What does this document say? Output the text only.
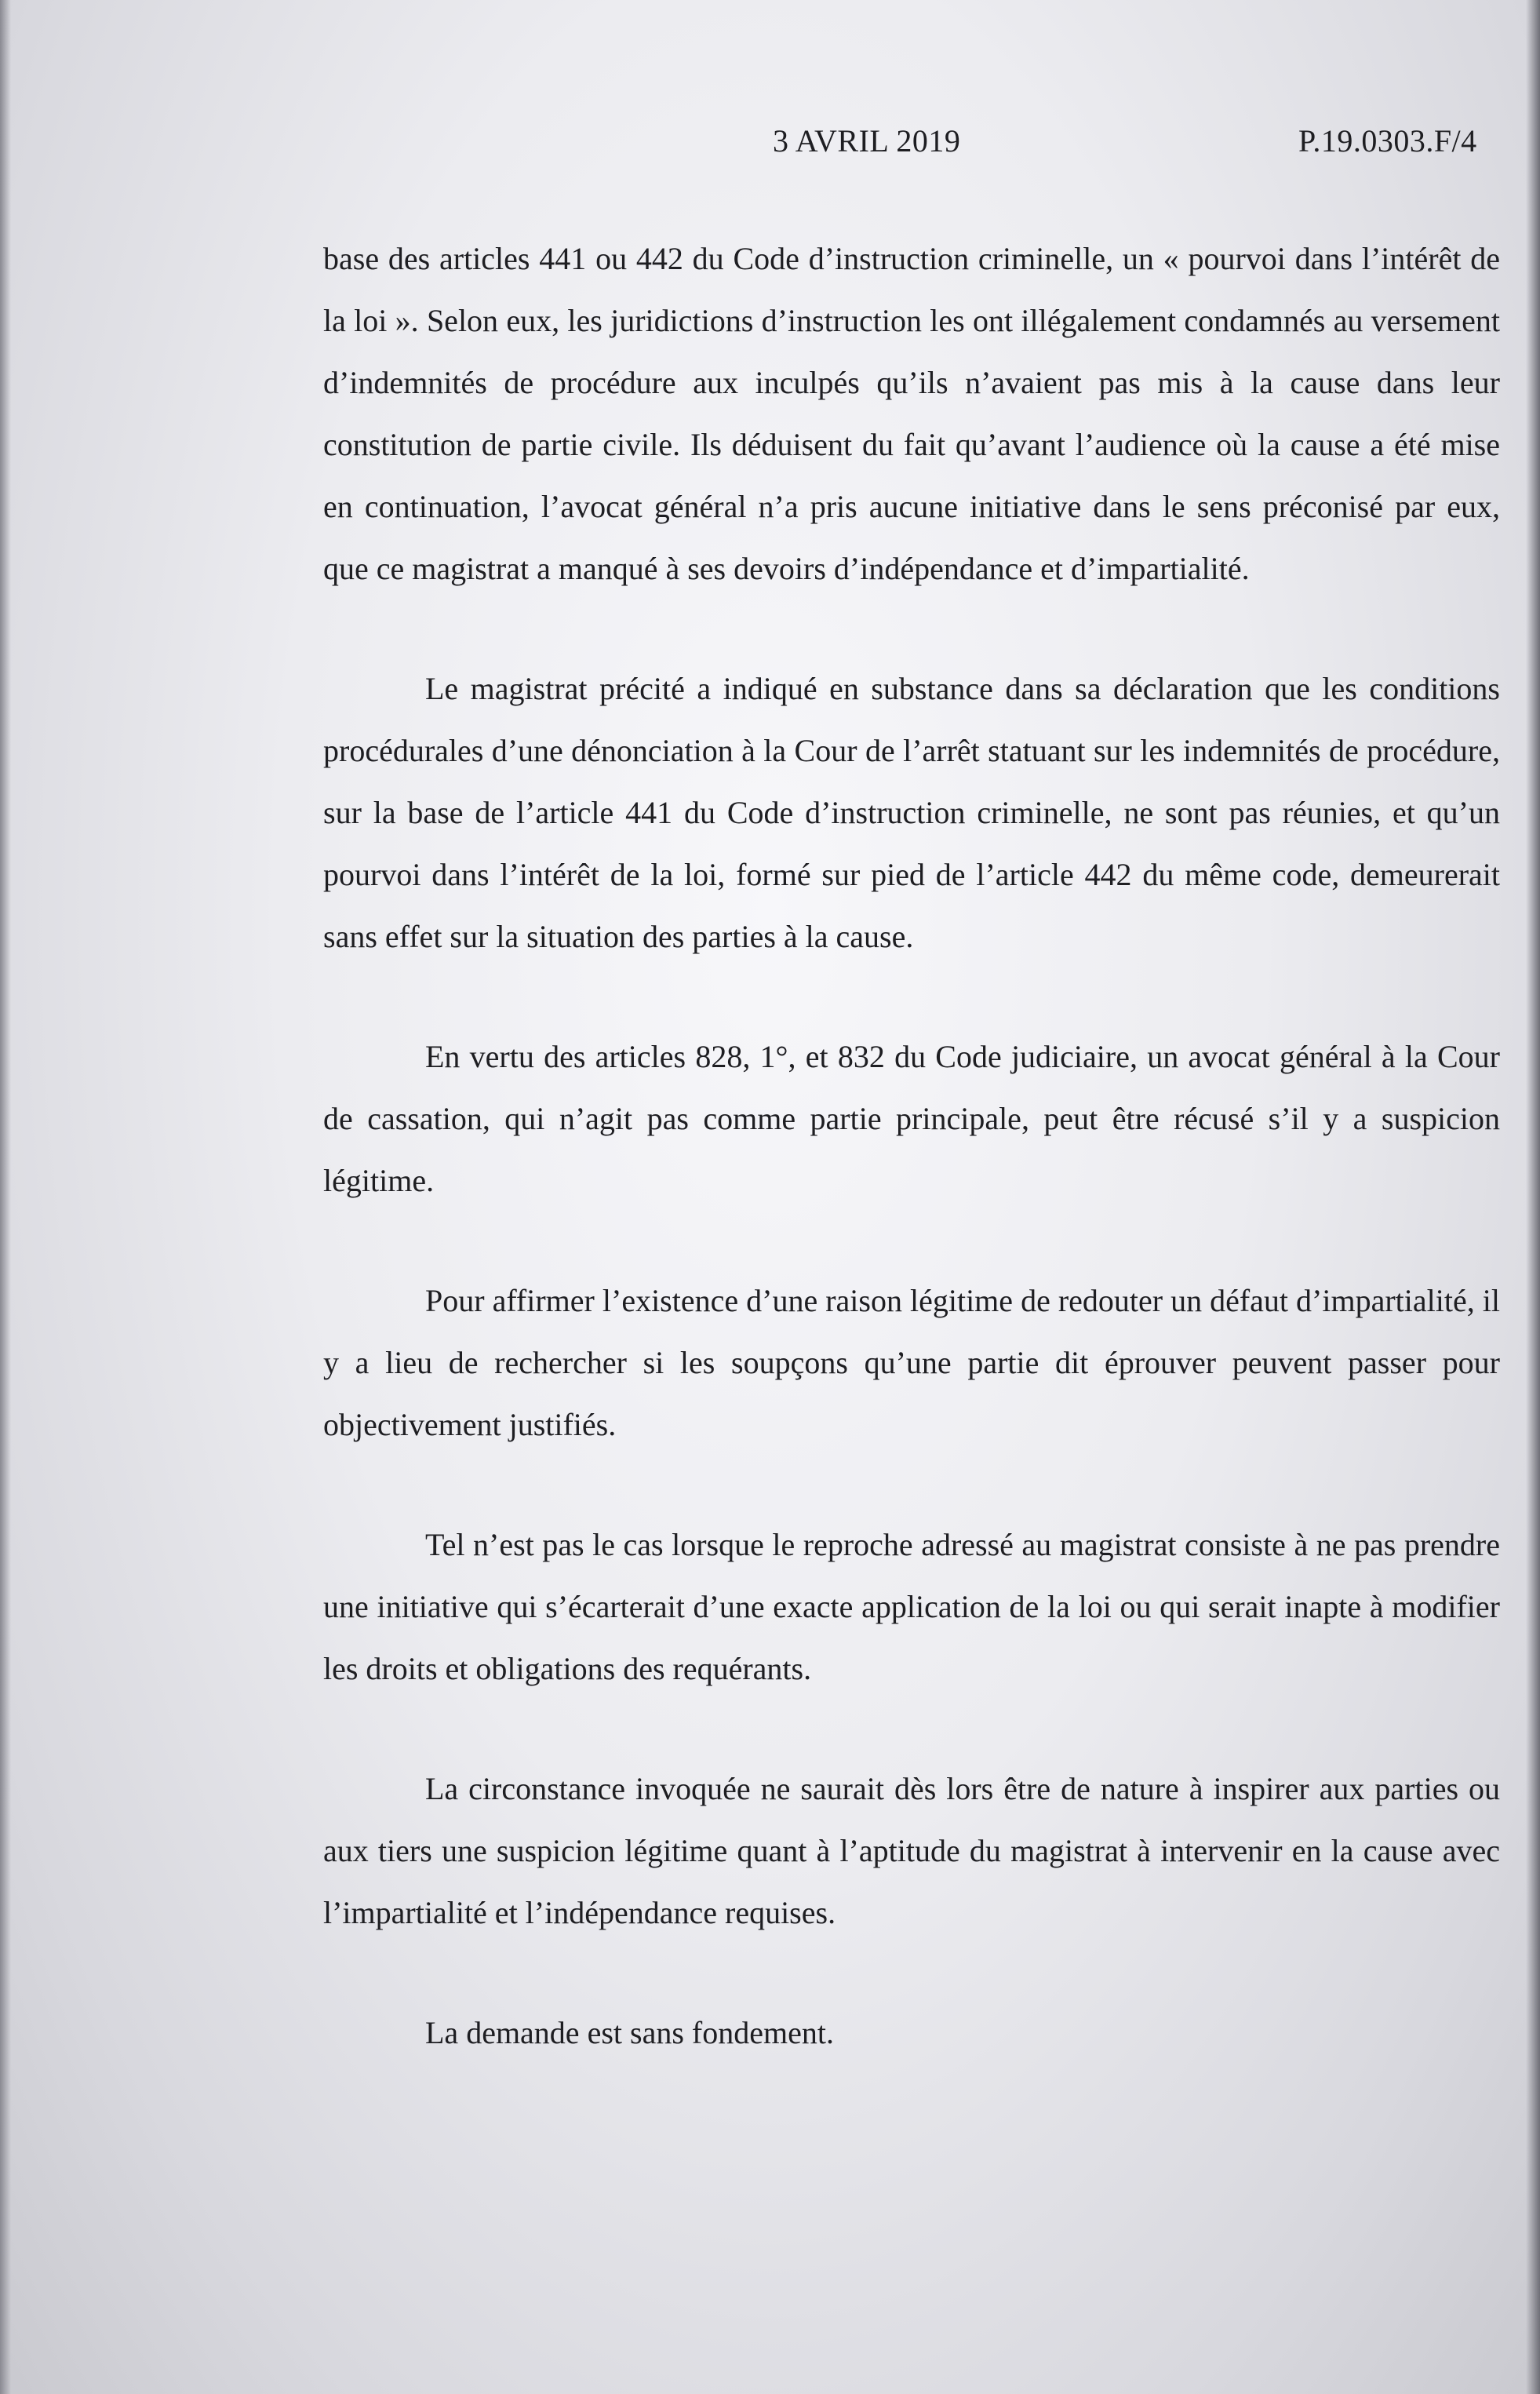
3 AVRIL 2019	P.19.0303.F/4

base des articles 441 ou 442 du Code d’instruction criminelle, un « pourvoi dans l’intérêt de la loi ». Selon eux, les juridictions d’instruction les ont illégalement condamnés au versement d’indemnités de procédure aux inculpés qu’ils n’avaient pas mis à la cause dans leur constitution de partie civile. Ils déduisent du fait qu’avant l’audience où la cause a été mise en continuation, l’avocat général n’a pris aucune initiative dans le sens préconisé par eux, que ce magistrat a manqué à ses devoirs d’indépendance et d’impartialité.

Le magistrat précité a indiqué en substance dans sa déclaration que les conditions procédurales d’une dénonciation à la Cour de l’arrêt statuant sur les indemnités de procédure, sur la base de l’article 441 du Code d’instruction criminelle, ne sont pas réunies, et qu’un pourvoi dans l’intérêt de la loi, formé sur pied de l’article 442 du même code, demeurerait sans effet sur la situation des parties à la cause.

En vertu des articles 828, 1°, et 832 du Code judiciaire, un avocat général à la Cour de cassation, qui n’agit pas comme partie principale, peut être récusé s’il y a suspicion légitime.

Pour affirmer l’existence d’une raison légitime de redouter un défaut d’impartialité, il y a lieu de rechercher si les soupçons qu’une partie dit éprouver peuvent passer pour objectivement justifiés.

Tel n’est pas le cas lorsque le reproche adressé au magistrat consiste à ne pas prendre une initiative qui s’écarterait d’une exacte application de la loi ou qui serait inapte à modifier les droits et obligations des requérants.

La circonstance invoquée ne saurait dès lors être de nature à inspirer aux parties ou aux tiers une suspicion légitime quant à l’aptitude du magistrat à intervenir en la cause avec l’impartialité et l’indépendance requises.

La demande est sans fondement.
